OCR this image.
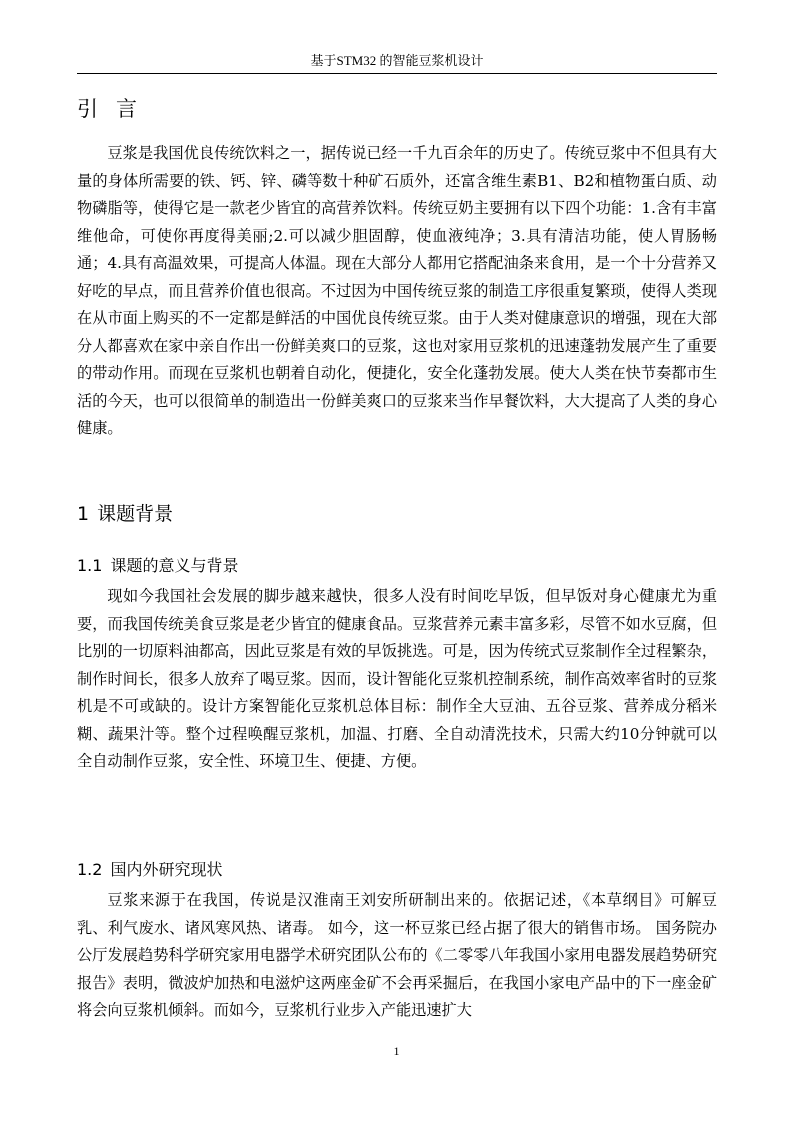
基于STM32 的智能豆浆机设计
引言

豆浆是我国优良传统饮料之一，据传说已经一千九百余年的历史了。传统豆浆中不但具有大量的身体所需要的铁、钙、锌、磷等数十种矿石质外，还富含维生素B1、B2和植物蛋白质、动物磷脂等，使得它是一款老少皆宜的高营养饮料。传统豆奶主要拥有以下四个功能：1.含有丰富维他命，可使你再度得美丽;2.可以减少胆固醇，使血液纯净；3.具有清洁功能，使人胃肠畅通；4.具有高温效果，可提高人体温。现在大部分人都用它搭配油条来食用，是一个十分营养又好吃的早点，而且营养价值也很高。不过因为中国传统豆浆的制造工序很重复繁琐，使得人类现在从市面上购买的不一定都是鲜活的中国优良传统豆浆。由于人类对健康意识的增强，现在大部分人都喜欢在家中亲自作出一份鲜美爽口的豆浆，这也对家用豆浆机的迅速蓬勃发展产生了重要的带动作用。而现在豆浆机也朝着自动化，便捷化，安全化蓬勃发展。使大人类在快节奏都市生活的今天，也可以很简单的制造出一份鲜美爽口的豆浆来当作早餐饮料，大大提高了人类的身心健康。

1 课题背景
1.1 课题的意义与背景

现如今我国社会发展的脚步越来越快，很多人没有时间吃早饭，但早饭对身心健康尤为重要，而我国传统美食豆浆是老少皆宜的健康食品。豆浆营养元素丰富多彩，尽管不如水豆腐，但比别的一切原料油都高，因此豆浆是有效的早饭挑选。可是，因为传统式豆浆制作全过程繁杂，制作时间长，很多人放弃了喝豆浆。因而，设计智能化豆浆机控制系统，制作高效率省时的豆浆机是不可或缺的。设计方案智能化豆浆机总体目标：制作全大豆油、五谷豆浆、营养成分稻米糊、蔬果汁等。整个过程唤醒豆浆机，加温、打磨、全自动清洗技术，只需大约10分钟就可以全自动制作豆浆，安全性、环境卫生、便捷、方便。

1.2 国内外研究现状

豆浆来源于在我国，传说是汉淮南王刘安所研制出来的。依据记述，《本草纲目》可解豆乳、利气废水、诸风寒风热、诸毒。 如今，这一杯豆浆已经占据了很大的销售市场。 国务院办公厅发展趋势科学研究家用电器学术研究团队公布的《二零零八年我国小家用电器发展趋势研究报告》表明，微波炉加热和电滋炉这两座金矿不会再采掘后，在我国小家电产品中的下一座金矿将会向豆浆机倾斜。而如今，豆浆机行业步入产能迅速扩大

1
